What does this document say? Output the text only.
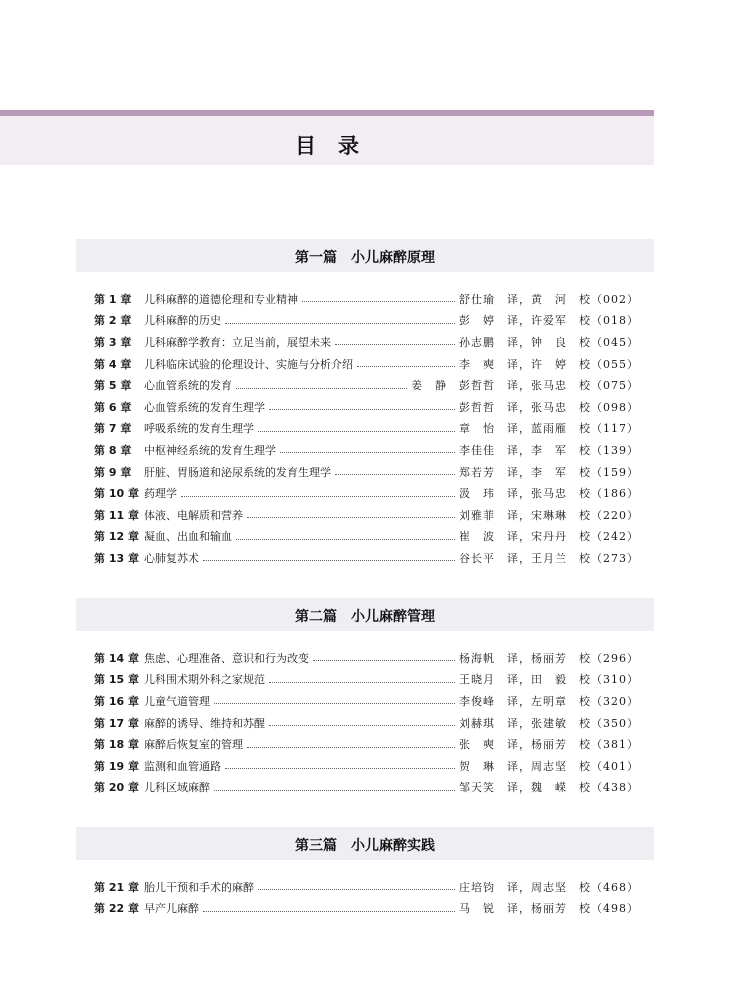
目录
第一篇 小儿麻醉原理
第 1 章	儿科麻醉的道德伦理和专业精神	舒仕瑜　译，黄　河　校（002）
第 2 章	儿科麻醉的历史	彭　婷　译，许爱军　校（018）
第 3 章	儿科麻醉学教育：立足当前，展望未来	孙志鹏　译，钟　良　校（045）
第 4 章	儿科临床试验的伦理设计、实施与分析介绍	李　奭　译，许　婷　校（055）
第 5 章	心血管系统的发育	姜　静　彭哲哲　译，张马忠　校（075）
第 6 章	心血管系统的发育生理学	彭哲哲　译，张马忠　校（098）
第 7 章	呼吸系统的发育生理学	章　怡　译，蓝雨雁　校（117）
第 8 章	中枢神经系统的发育生理学	李佳佳　译，李　军　校（139）
第 9 章	肝脏、胃肠道和泌尿系统的发育生理学	郑若芳　译，李　军　校（159）
第 10 章 药理学	汲　玮　译，张马忠　校（186）
第 11 章 体液、电解质和营养	刘雅菲　译，宋琳琳　校（220）
第 12 章 凝血、出血和输血	崔　波　译，宋丹丹　校（242）
第 13 章 心肺复苏术	谷长平　译，王月兰　校（273）
第二篇 小儿麻醉管理
第 14 章 焦虑、心理准备、意识和行为改变	杨海帆　译，杨丽芳　校（296）
第 15 章 儿科围术期外科之家规范	王晓月　译，田　毅　校（310）
第 16 章 儿童气道管理	李俊峰　译，左明章　校（320）
第 17 章 麻醉的诱导、维持和苏醒	刘赫琪　译，张建敏　校（350）
第 18 章 麻醉后恢复室的管理	张　奭　译，杨丽芳　校（381）
第 19 章 监测和血管通路	贺　琳　译，周志坚　校（401）
第 20 章 儿科区域麻醉	邹天笑　译，魏　嵘　校（438）
第三篇 小儿麻醉实践
第 21 章 胎儿干预和手术的麻醉	庄培钧　译，周志坚　校（468）
第 22 章 早产儿麻醉	马　锐　译，杨丽芳　校（498）
